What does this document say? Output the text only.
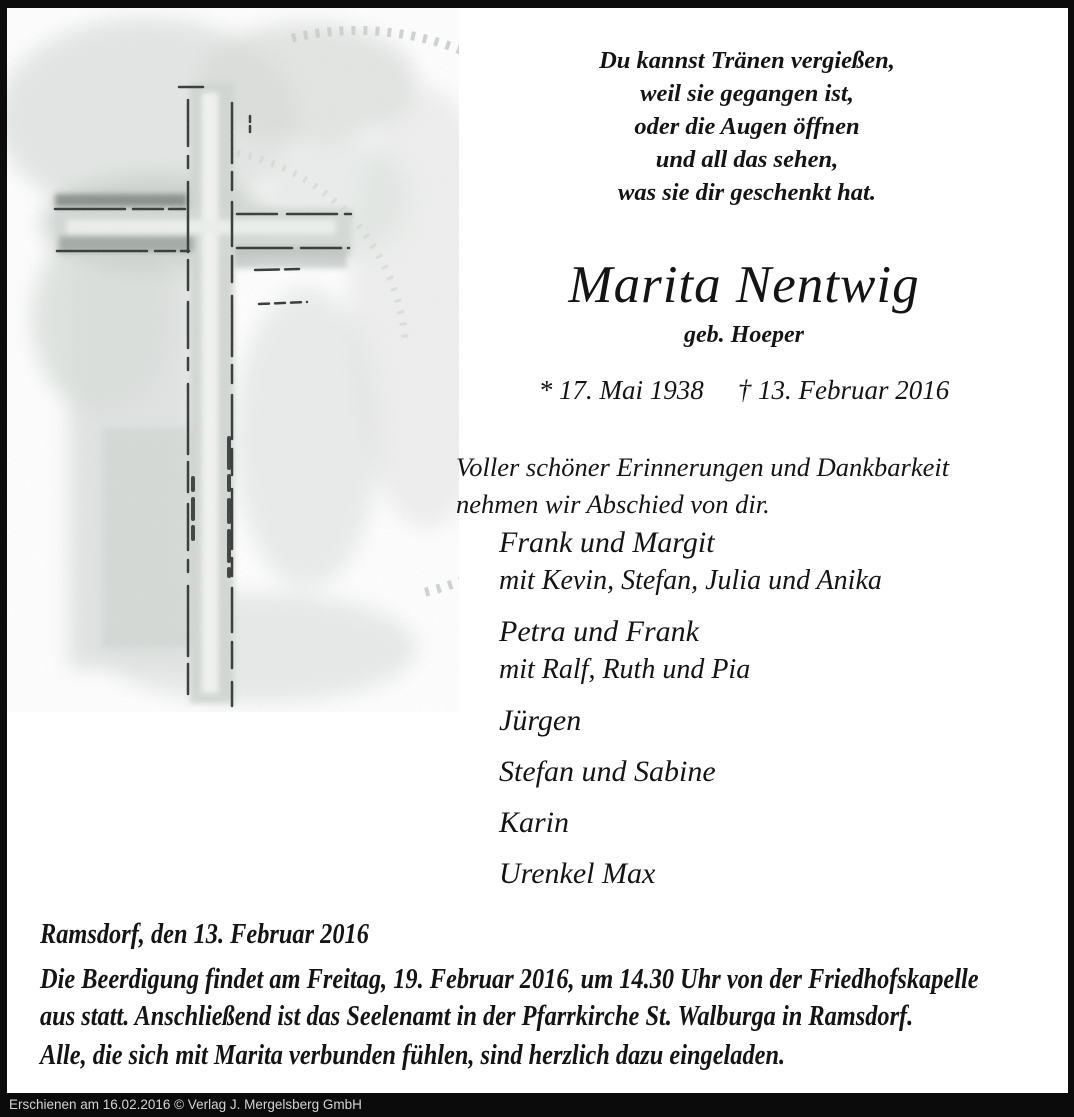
Du kannst Tränen vergießen,
weil sie gegangen ist,
oder die Augen öffnen
und all das sehen,
was sie dir geschenkt hat.
Marita Nentwig
geb. Hoeper
* 17. Mai 1938 † 13. Februar 2016
Voller schöner Erinnerungen und Dankbarkeit nehmen wir Abschied von dir.
Frank und Margit
mit Kevin, Stefan, Julia und Anika
Petra und Frank
mit Ralf, Ruth und Pia
Jürgen
Stefan und Sabine
Karin
Urenkel Max
Ramsdorf, den 13. Februar 2016
Die Beerdigung findet am Freitag, 19. Februar 2016, um 14.30 Uhr von der Friedhofskapelle
aus statt. Anschließend ist das Seelenamt in der Pfarrkirche St. Walburga in Ramsdorf.
Alle, die sich mit Marita verbunden fühlen, sind herzlich dazu eingeladen.
Erschienen am 16.02.2016 © Verlag J. Mergelsberg GmbH
